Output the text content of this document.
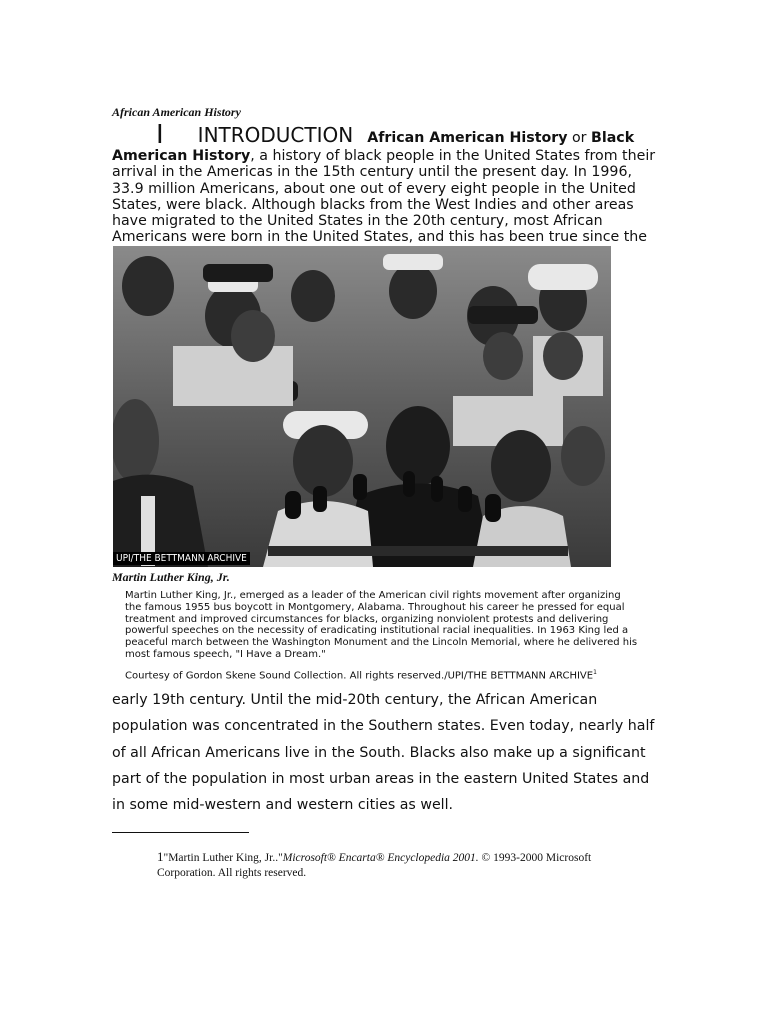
African American History
I INTRODUCTION African American History or Black American History, a history of black people in the United States from their arrival in the Americas in the 15th century until the present day. In 1996, 33.9 million Americans, about one out of every eight people in the United States, were black. Although blacks from the West Indies and other areas have migrated to the United States in the 20th century, most African Americans were born in the United States, and this has been true since the
UPI/THE BETTMANN ARCHIVE
Martin Luther King, Jr.
Martin Luther King, Jr., emerged as a leader of the American civil rights movement after organizing the famous 1955 bus boycott in Montgomery, Alabama. Throughout his career he pressed for equal treatment and improved circumstances for blacks, organizing nonviolent protests and delivering powerful speeches on the necessity of eradicating institutional racial inequalities. In 1963 King led a peaceful march between the Washington Monument and the Lincoln Memorial, where he delivered his most famous speech, "I Have a Dream."
Courtesy of Gordon Skene Sound Collection. All rights reserved./UPI/THE BETTMANN ARCHIVE$^1$
early 19th century. Until the mid-20th century, the African American population was concentrated in the Southern states. Even today, nearly half of all African Americans live in the South. Blacks also make up a significant part of the population in most urban areas in the eastern United States and in some mid-western and western cities as well.
1"Martin Luther King, Jr.."Microsoft® Encarta® Encyclopedia 2001. © 1993-2000 Microsoft Corporation. All rights reserved.
